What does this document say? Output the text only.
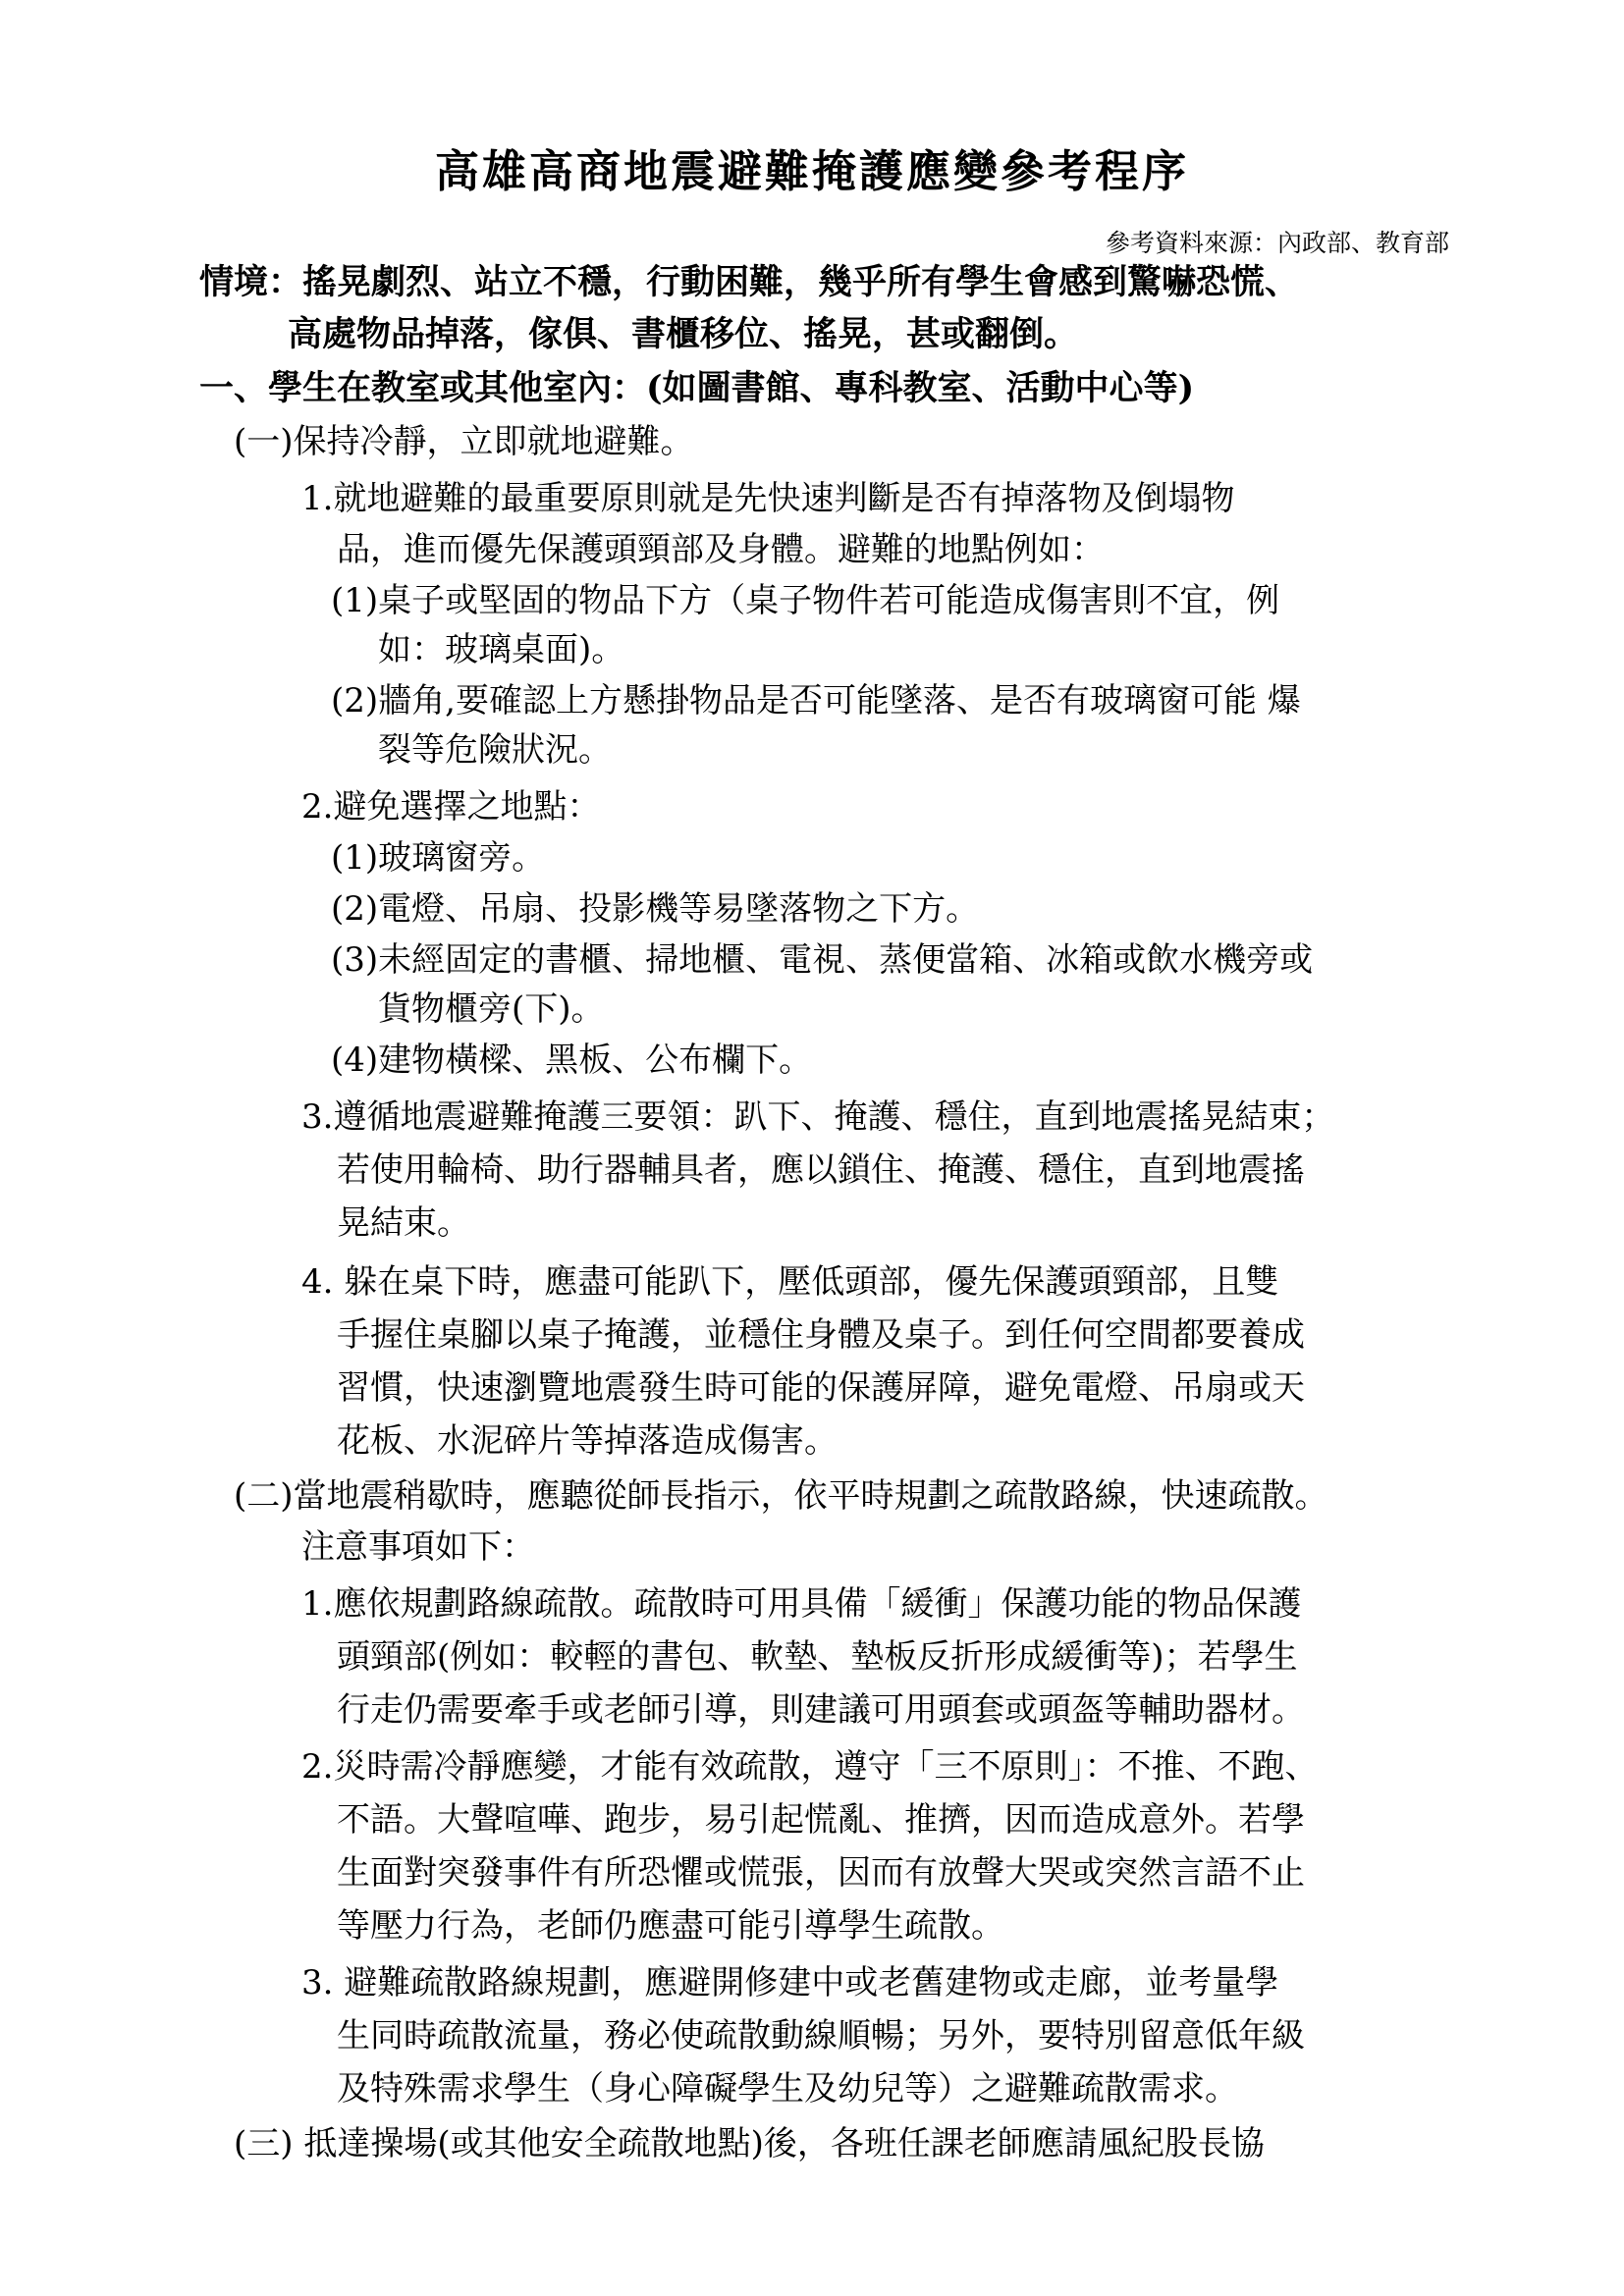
高雄高商地震避難掩護應變參考程序
參考資料來源：內政部、教育部
情境：搖晃劇烈、站立不穩，行動困難，幾乎所有學生會感到驚嚇恐慌、
高處物品掉落，傢俱、書櫃移位、搖晃，甚或翻倒。
一、學生在教室或其他室內：(如圖書館、專科教室、活動中心等)
(一)保持冷靜，立即就地避難。
1.就地避難的最重要原則就是先快速判斷是否有掉落物及倒塌物
品，進而優先保護頭頸部及身體。避難的地點例如：
(1)桌子或堅固的物品下方（桌子物件若可能造成傷害則不宜，例
如：玻璃桌面)。
(2)牆角,要確認上方懸掛物品是否可能墜落、是否有玻璃窗可能 爆
裂等危險狀況。
2.避免選擇之地點：
(1)玻璃窗旁。
(2)電燈、吊扇、投影機等易墜落物之下方。
(3)未經固定的書櫃、掃地櫃、電視、蒸便當箱、冰箱或飲水機旁或
貨物櫃旁(下)。
(4)建物橫樑、黑板、公布欄下。
3.遵循地震避難掩護三要領：趴下、掩護、穩住，直到地震搖晃結束；
若使用輪椅、助行器輔具者，應以鎖住、掩護、穩住，直到地震搖
晃結束。
4. 躲在桌下時，應盡可能趴下，壓低頭部，優先保護頭頸部，且雙
手握住桌腳以桌子掩護，並穩住身體及桌子。到任何空間都要養成
習慣，快速瀏覽地震發生時可能的保護屏障，避免電燈、吊扇或天
花板、水泥碎片等掉落造成傷害。
(二)當地震稍歇時，應聽從師長指示，依平時規劃之疏散路線，快速疏散。
注意事項如下：
1.應依規劃路線疏散。疏散時可用具備「緩衝」保護功能的物品保護
頭頸部(例如：較輕的書包、軟墊、墊板反折形成緩衝等)；若學生
行走仍需要牽手或老師引導，則建議可用頭套或頭盔等輔助器材。
2.災時需冷靜應變，才能有效疏散，遵守「三不原則」：不推、不跑、
不語。大聲喧嘩、跑步，易引起慌亂、推擠，因而造成意外。若學
生面對突發事件有所恐懼或慌張，因而有放聲大哭或突然言語不止
等壓力行為，老師仍應盡可能引導學生疏散。
3. 避難疏散路線規劃，應避開修建中或老舊建物或走廊，並考量學
生同時疏散流量，務必使疏散動線順暢；另外，要特別留意低年級
及特殊需求學生（身心障礙學生及幼兒等）之避難疏散需求。
(三) 抵達操場(或其他安全疏散地點)後，各班任課老師應請風紀股長協
